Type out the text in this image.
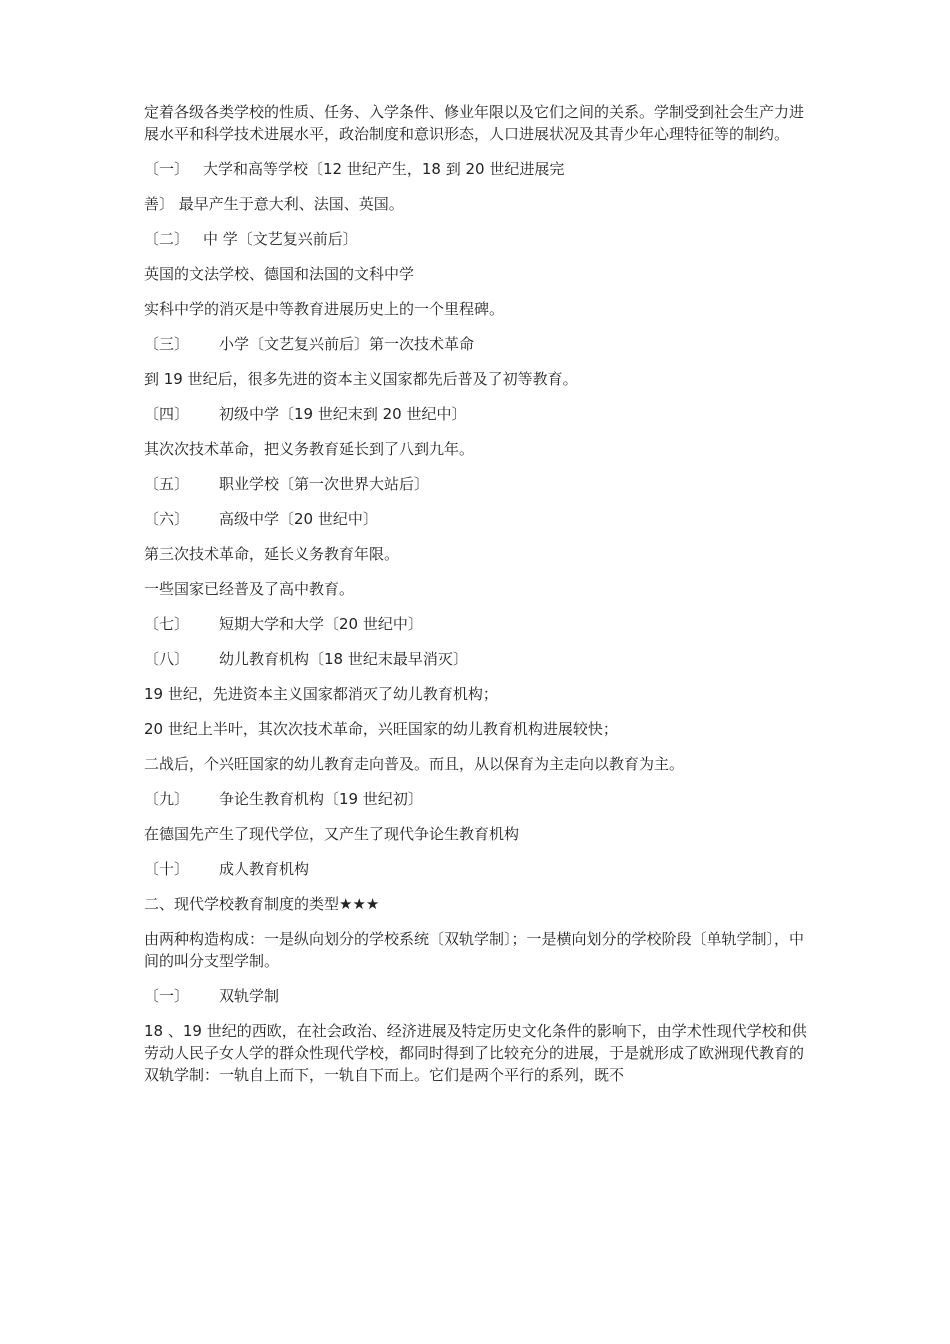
定着各级各类学校的性质、任务、入学条件、修业年限以及它们之间的关系。学制受到社会生产力进展水平和科学技术进展水平，政治制度和意识形态，人口进展状况及其青少年心理特征等的制约。

〔一〕 大学和高等学校〔12 世纪产生，18 到 20 世纪进展完

善〕 最早产生于意大利、法国、英国。

〔二〕 中 学〔文艺复兴前后〕

英国的文法学校、德国和法国的文科中学

实科中学的消灭是中等教育进展历史上的一个里程碑。

〔三〕 小学〔文艺复兴前后〕第一次技术革命

到 19 世纪后，很多先进的资本主义国家都先后普及了初等教育。

〔四〕 初级中学〔19 世纪末到 20 世纪中〕

其次次技术革命，把义务教育延长到了八到九年。

〔五〕 职业学校〔第一次世界大站后〕

〔六〕 高级中学〔20 世纪中〕

第三次技术革命，延长义务教育年限。

一些国家已经普及了高中教育。

〔七〕 短期大学和大学〔20 世纪中〕

〔八〕 幼儿教育机构〔18 世纪末最早消灭〕

19 世纪，先进资本主义国家都消灭了幼儿教育机构；

20 世纪上半叶，其次次技术革命，兴旺国家的幼儿教育机构进展较快；

二战后，个兴旺国家的幼儿教育走向普及。而且，从以保育为主走向以教育为主。

〔九〕 争论生教育机构〔19 世纪初〕

在德国先产生了现代学位，又产生了现代争论生教育机构

〔十〕 成人教育机构

二、现代学校教育制度的类型★★★

由两种构造构成：一是纵向划分的学校系统〔双轨学制〕；一是横向划分的学校阶段〔单轨学制〕，中间的叫分支型学制。

〔一〕 双轨学制

18 、19 世纪的西欧，在社会政治、经济进展及特定历史文化条件的影响下，由学术性现代学校和供劳动人民子女人学的群众性现代学校，都同时得到了比较充分的进展，于是就形成了欧洲现代教育的双轨学制：一轨自上而下，一轨自下而上。它们是两个平行的系列，既不
